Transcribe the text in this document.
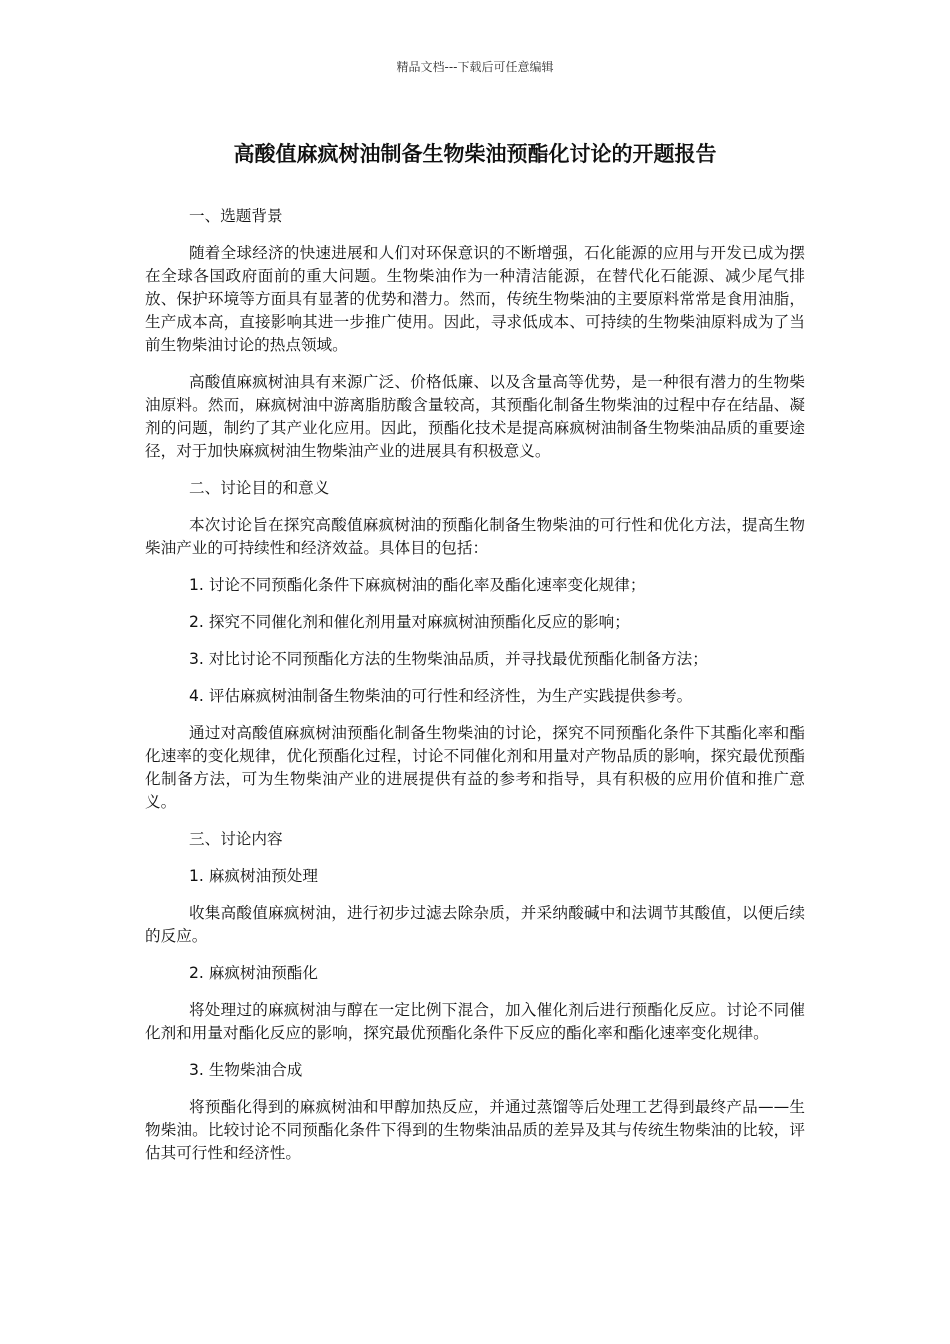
精品文档---下载后可任意编辑
高酸值麻疯树油制备生物柴油预酯化讨论的开题报告

一、选题背景

随着全球经济的快速进展和人们对环保意识的不断增强，石化能源的应用与开发已成为摆在全球各国政府面前的重大问题。生物柴油作为一种清洁能源，在替代化石能源、减少尾气排放、保护环境等方面具有显著的优势和潜力。然而，传统生物柴油的主要原料常常是食用油脂，生产成本高，直接影响其进一步推广使用。因此，寻求低成本、可持续的生物柴油原料成为了当前生物柴油讨论的热点领域。

高酸值麻疯树油具有来源广泛、价格低廉、以及含量高等优势，是一种很有潜力的生物柴油原料。然而，麻疯树油中游离脂肪酸含量较高，其预酯化制备生物柴油的过程中存在结晶、凝剂的问题，制约了其产业化应用。因此，预酯化技术是提高麻疯树油制备生物柴油品质的重要途径，对于加快麻疯树油生物柴油产业的进展具有积极意义。

二、讨论目的和意义

本次讨论旨在探究高酸值麻疯树油的预酯化制备生物柴油的可行性和优化方法，提高生物柴油产业的可持续性和经济效益。具体目的包括：

1. 讨论不同预酯化条件下麻疯树油的酯化率及酯化速率变化规律；

2. 探究不同催化剂和催化剂用量对麻疯树油预酯化反应的影响；

3. 对比讨论不同预酯化方法的生物柴油品质，并寻找最优预酯化制备方法；

4. 评估麻疯树油制备生物柴油的可行性和经济性，为生产实践提供参考。

通过对高酸值麻疯树油预酯化制备生物柴油的讨论，探究不同预酯化条件下其酯化率和酯化速率的变化规律，优化预酯化过程，讨论不同催化剂和用量对产物品质的影响，探究最优预酯化制备方法，可为生物柴油产业的进展提供有益的参考和指导，具有积极的应用价值和推广意义。

三、讨论内容

1. 麻疯树油预处理

收集高酸值麻疯树油，进行初步过滤去除杂质，并采纳酸碱中和法调节其酸值，以便后续的反应。

2. 麻疯树油预酯化

将处理过的麻疯树油与醇在一定比例下混合，加入催化剂后进行预酯化反应。讨论不同催化剂和用量对酯化反应的影响，探究最优预酯化条件下反应的酯化率和酯化速率变化规律。

3. 生物柴油合成

将预酯化得到的麻疯树油和甲醇加热反应，并通过蒸馏等后处理工艺得到最终产品——生物柴油。比较讨论不同预酯化条件下得到的生物柴油品质的差异及其与传统生物柴油的比较，评估其可行性和经济性。
